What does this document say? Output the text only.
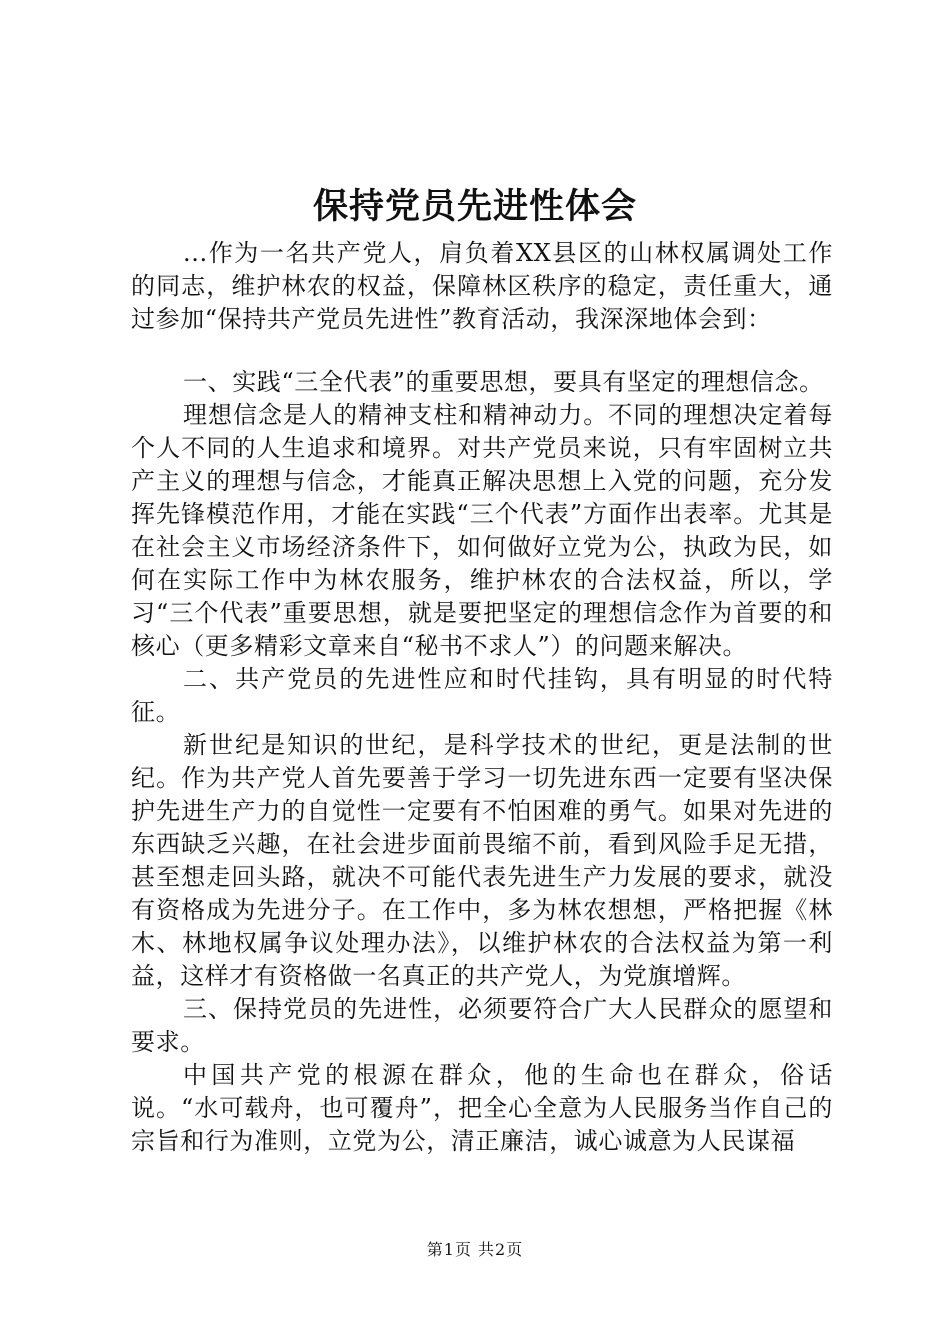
保持党员先进性体会

...作为一名共产党人，肩负着XX县区的山林权属调处工作的同志，维护林农的权益，保障林区秩序的稳定，责任重大，通过参加“保持共产党员先进性”教育活动，我深深地体会到：

一、实践“三全代表”的重要思想，要具有坚定的理想信念。

理想信念是人的精神支柱和精神动力。不同的理想决定着每个人不同的人生追求和境界。对共产党员来说，只有牢固树立共产主义的理想与信念，才能真正解决思想上入党的问题，充分发挥先锋模范作用，才能在实践“三个代表”方面作出表率。尤其是在社会主义市场经济条件下，如何做好立党为公，执政为民，如何在实际工作中为林农服务，维护林农的合法权益，所以，学习“三个代表”重要思想，就是要把坚定的理想信念作为首要的和核心（更多精彩文章来自“秘书不求人”）的问题来解决。

二、共产党员的先进性应和时代挂钩，具有明显的时代特征。

新世纪是知识的世纪，是科学技术的世纪，更是法制的世纪。作为共产党人首先要善于学习一切先进东西一定要有坚决保护先进生产力的自觉性一定要有不怕困难的勇气。如果对先进的东西缺乏兴趣，在社会进步面前畏缩不前，看到风险手足无措，甚至想走回头路，就决不可能代表先进生产力发展的要求，就没有资格成为先进分子。在工作中，多为林农想想，严格把握《林木、林地权属争议处理办法》，以维护林农的合法权益为第一利益，这样才有资格做一名真正的共产党人，为党旗增辉。

三、保持党员的先进性，必须要符合广大人民群众的愿望和要求。

中国共产党的根源在群众，他的生命也在群众，俗话说。“水可载舟，也可覆舟”，把全心全意为人民服务当作自己的宗旨和行为准则，立党为公，清正廉洁，诚心诚意为人民谋福

第1页 共2页
